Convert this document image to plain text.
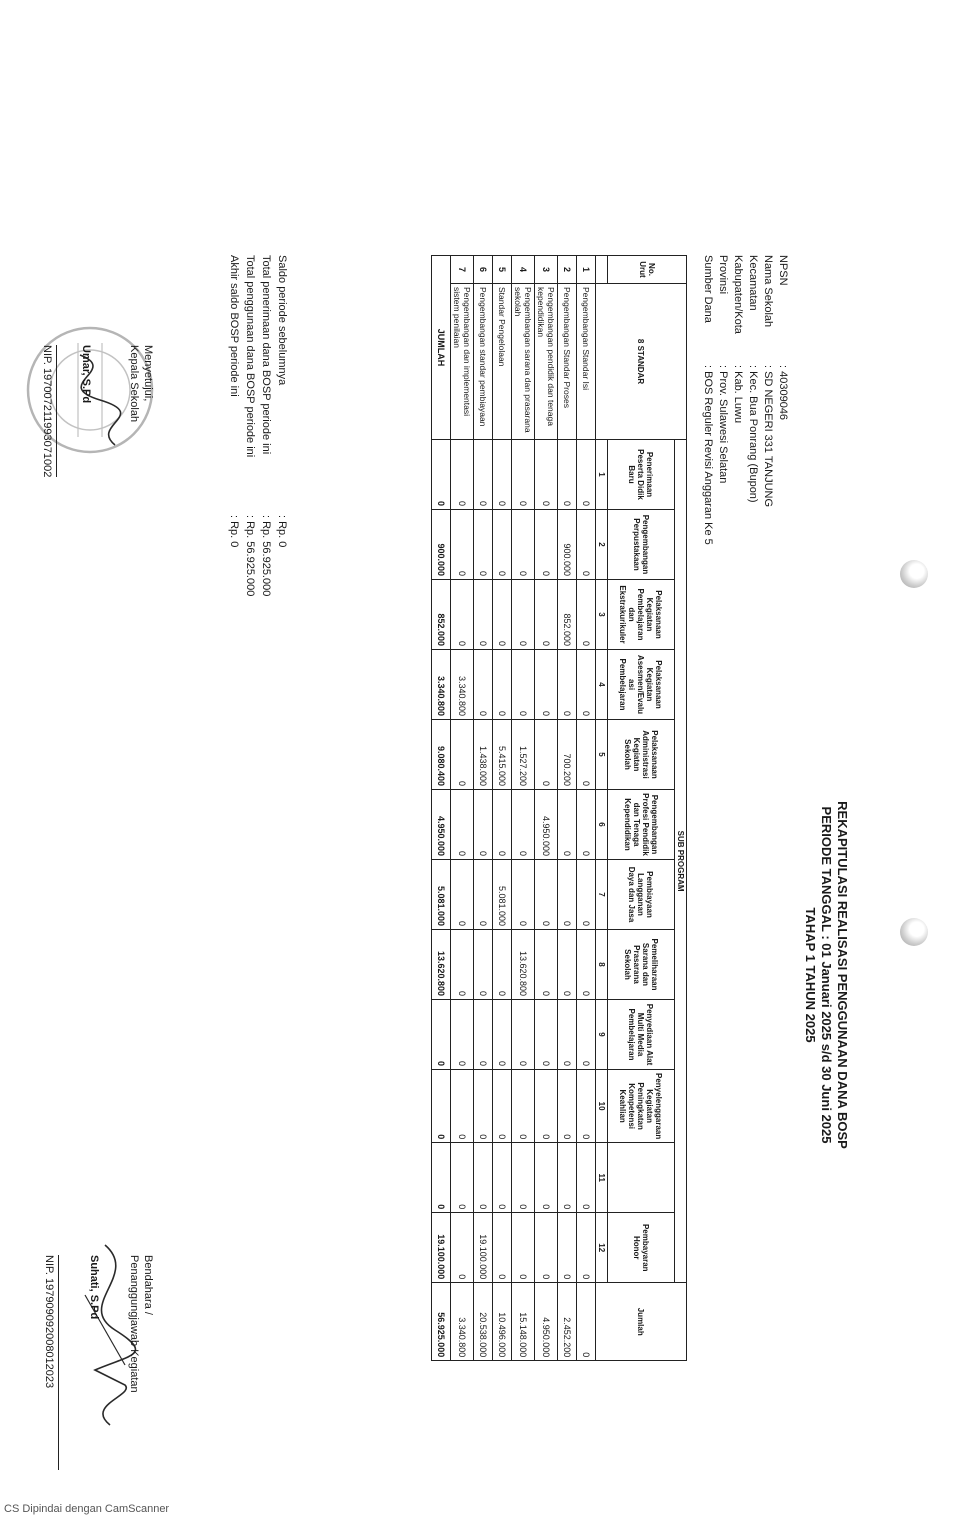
REKAPITULASI REALISASI PENGGUNAAN DANA BOSP
PERIODE TANGGAL : 01 Januari 2025 s/d 30 Juni 2025
TAHAP 1 TAHUN 2025
NPSN: 40309046
Nama Sekolah: SD NEGERI 331 TANJUNG
Kecamatan: Kec. Bua Ponrang (Bupon)
Kabupaten/Kota: Kab. Luwu
Provinsi: Prov. Sulawesi Selatan
Sumber Dana: BOS Reguler Revisi Anggaran Ke 5
No. Urut	8 STANDAR	SUB PROGRAM												Jumlah
		Penerimaan Peserta Didik Baru	Pengembangan Perpustakaan	Pelaksanaan Kegiatan Pembelajaran dan Ekstrakurikuler	Pelaksanaan Kegiatan Asesmen/Evalu asi Pembelajaran	Pelaksanaan Administrasi Kegiatan Sekolah	Pengembangan Profesi Pendidik dan Tenaga Kependidikan	Pembiayaan Langganan Daya dan Jasa	Pemeliharaan Sarana dan Prasarana Sekolah	Penyediaan Alat Multi Media Pembelajaran	Penyelenggaraan Kegiatan Peningkatan Kompetensi Keahlian		Pembayaran Honor	
		1	2	3	4	5	6	7	8	9	10	11	12	
1	Pengembangan Standar Isi	0	0	0	0	0	0	0	0	0	0	0	0	0
2	Pengembangan Standar Proses	0	900.000	852.000	0	700.200	0	0	0	0	0	0	0	2.452.200
3	Pengembangan pendidik dan tenaga kependidikan	0	0	0	0	0	4.950.000	0	0	0	0	0	0	4.950.000
4	Pengembangan sarana dan prasarana sekolah	0	0	0	0	1.527.200	0	0	13.620.800	0	0	0	0	15.148.000
5	Standar Pengelolaan	0	0	0	0	5.415.000	0	5.081.000	0	0	0	0	0	10.496.000
6	Pengembangan standar pembiayaan	0	0	0	0	1.438.000	0	0	0	0	0	0	19.100.000	20.538.000
7	Pengembangan dan implementasi sistem penilaian	0	0	0	3.340.800	0	0	0	0	0	0	0	0	3.340.800
JUMLAH		0	900.000	852.000	3.340.800	9.080.400	4.950.000	5.081.000	13.620.800	0	0	0	19.100.000	56.925.000
Saldo periode sebelumnya: Rp. 0
Total penerimaan dana BOSP periode ini: Rp. 56.925.000
Total penggunaan dana BOSP periode ini: Rp. 56.925.000
Akhir saldo BOSP periode ini: Rp. 0
Menyetujui,
Kepala Sekolah
Umar, S.Pd
NIP. 197007211993071002
Bendahara /
Penanggungjawab Kegiatan
Suhati, S.Pd
NIP. 197909092008012023
CS Dipindai dengan CamScanner
